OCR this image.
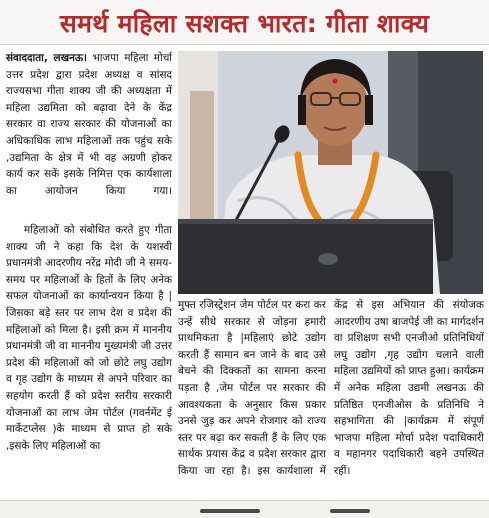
समर्थ महिला सशक्त भारत: गीता शाक्य

संवाददाता, लखनऊ। भाजपा महिला मोर्चा उत्तर प्रदेश द्वारा प्रदेश अध्यक्ष व सांसद राज्यसभा गीता शाक्य जी की अध्यक्षता में महिला उद्यमिता को बढ़ावा देने के केंद्र सरकार वा राज्य सरकार की योजनाओं का अधिकाधिक लाभ महिलाओं तक पहुंच सके ,उद्यमिता के क्षेत्र में भी वह अग्रणी होकर कार्य कर सकें इसके निमित्त एक कार्यशाला का आयोजन किया गया।

महिलाओं को संबोधित करते हुए गीता शाक्य जी ने कहा कि देश के यशस्वी प्रधानमंत्री आदरणीय नरेंद्र मोदी जी ने समय-समय पर महिलाओं के हितों के लिए अनेक सफल योजनाओं का कार्यान्वयन किया है |जिसका बड़े स्तर पर लाभ देश व प्रदेश की महिलाओं को मिला है। इसी क्रम में माननीय प्रधानमंत्री जी वा माननीय मुख्यमंत्री जी उत्तर प्रदेश की महिलाओं को जो छोटे लघु उद्योग व गृह उद्योग के माध्यम से अपने परिवार का सहयोग करती हैं को प्रदेश स्तरीय सरकारी योजनाओं का लाभ जेम पोर्टल (गवर्नमेंट ई मार्केटप्लेस )के माध्यम से प्राप्त हो सके ,इसके लिए महिलाओं का

मुफ्त रजिस्ट्रेशन जेम पोर्टल पर करा कर उन्हें सीधे सरकार से जोड़ना हमारी प्राथमिकता है |महिलाएं छोटे उद्योग करती हैं सामान बन जाने के बाद उसे बेचने की दिक्कतों का सामना करना पड़ता है ,जेम पोर्टल पर सरकार की आवश्यकता के अनुसार किस प्रकार उनसे जुड़ कर अपने रोजगार को राज्य स्तर पर बढ़ा कर सकती हैं के लिए एक सार्थक प्रयास केंद्र व प्रदेश सरकार द्वारा किया जा रहा है। इस कार्यशाला में

केंद्र से इस अभियान की संयोजक आदरणीय उषा बाजपेई जी का मार्गदर्शन वा प्रशिक्षण सभी एनजीओ प्रतिनिधियों लघु उद्योग ,गृह उद्योग चलाने वाली महिला उद्यमियों को प्राप्त हुआ। कार्यक्रम में अनेक महिला उद्यमी लखनऊ की प्रतिष्ठित एनजीओस के प्रतिनिधि ने सहभागिता की |कार्यक्रम में संपूर्ण भाजपा महिला मोर्चा प्रदेश पदाधिकारी व महानगर पदाधिकारी बहने उपस्थित रहीं।
